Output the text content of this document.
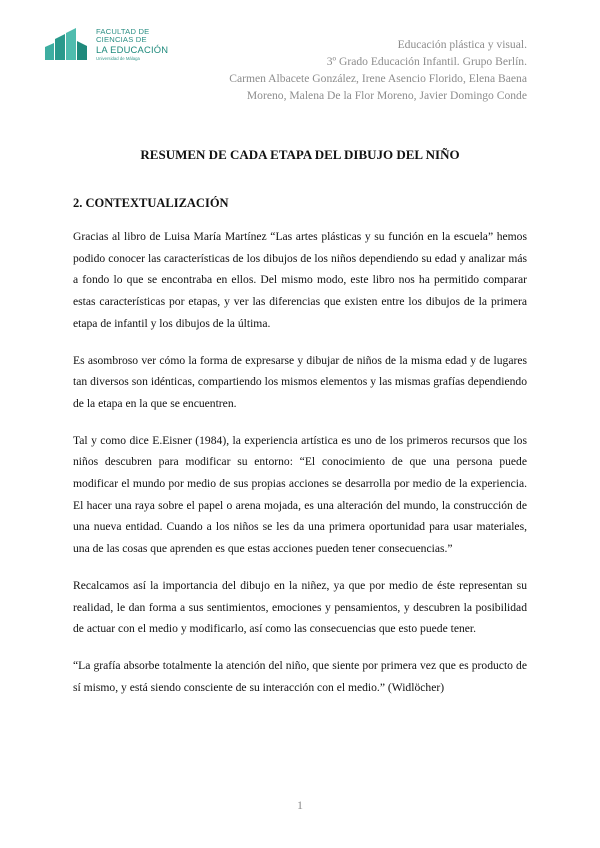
FACULTAD DE
CIENCIAS DE
LA EDUCACIÓN
Universidad de Málaga
Educación plástica y visual.
3º Grado Educación Infantil. Grupo Berlín.
Carmen Albacete González, Irene Asencio Florido, Elena Baena
Moreno, Malena De la Flor Moreno, Javier Domingo Conde
RESUMEN DE CADA ETAPA DEL DIBUJO DEL NIÑO
2. CONTEXTUALIZACIÓN

Gracias al libro de Luisa María Martínez “Las artes plásticas y su función en la escuela” hemos podido conocer las características de los dibujos de los niños dependiendo su edad y analizar más a fondo lo que se encontraba en ellos. Del mismo modo, este libro nos ha permitido comparar estas características por etapas, y ver las diferencias que existen entre los dibujos de la primera etapa de infantil y los dibujos de la última.

Es asombroso ver cómo la forma de expresarse y dibujar de niños de la misma edad y de lugares tan diversos son idénticas, compartiendo los mismos elementos y las mismas grafías dependiendo de la etapa en la que se encuentren.

Tal y como dice E.Eisner (1984), la experiencia artística es uno de los primeros recursos que los niños descubren para modificar su entorno: “El conocimiento de que una persona puede modificar el mundo por medio de sus propias acciones se desarrolla por medio de la experiencia. El hacer una raya sobre el papel o arena mojada, es una alteración del mundo, la construcción de una nueva entidad. Cuando a los niños se les da una primera oportunidad para usar materiales, una de las cosas que aprenden es que estas acciones pueden tener consecuencias.”

Recalcamos así la importancia del dibujo en la niñez, ya que por medio de éste representan su realidad, le dan forma a sus sentimientos, emociones y pensamientos, y descubren la posibilidad de actuar con el medio y modificarlo, así como las consecuencias que esto puede tener.

“La grafía absorbe totalmente la atención del niño, que siente por primera vez que es producto de sí mismo, y está siendo consciente de su interacción con el medio.” (Widlöcher)

1
